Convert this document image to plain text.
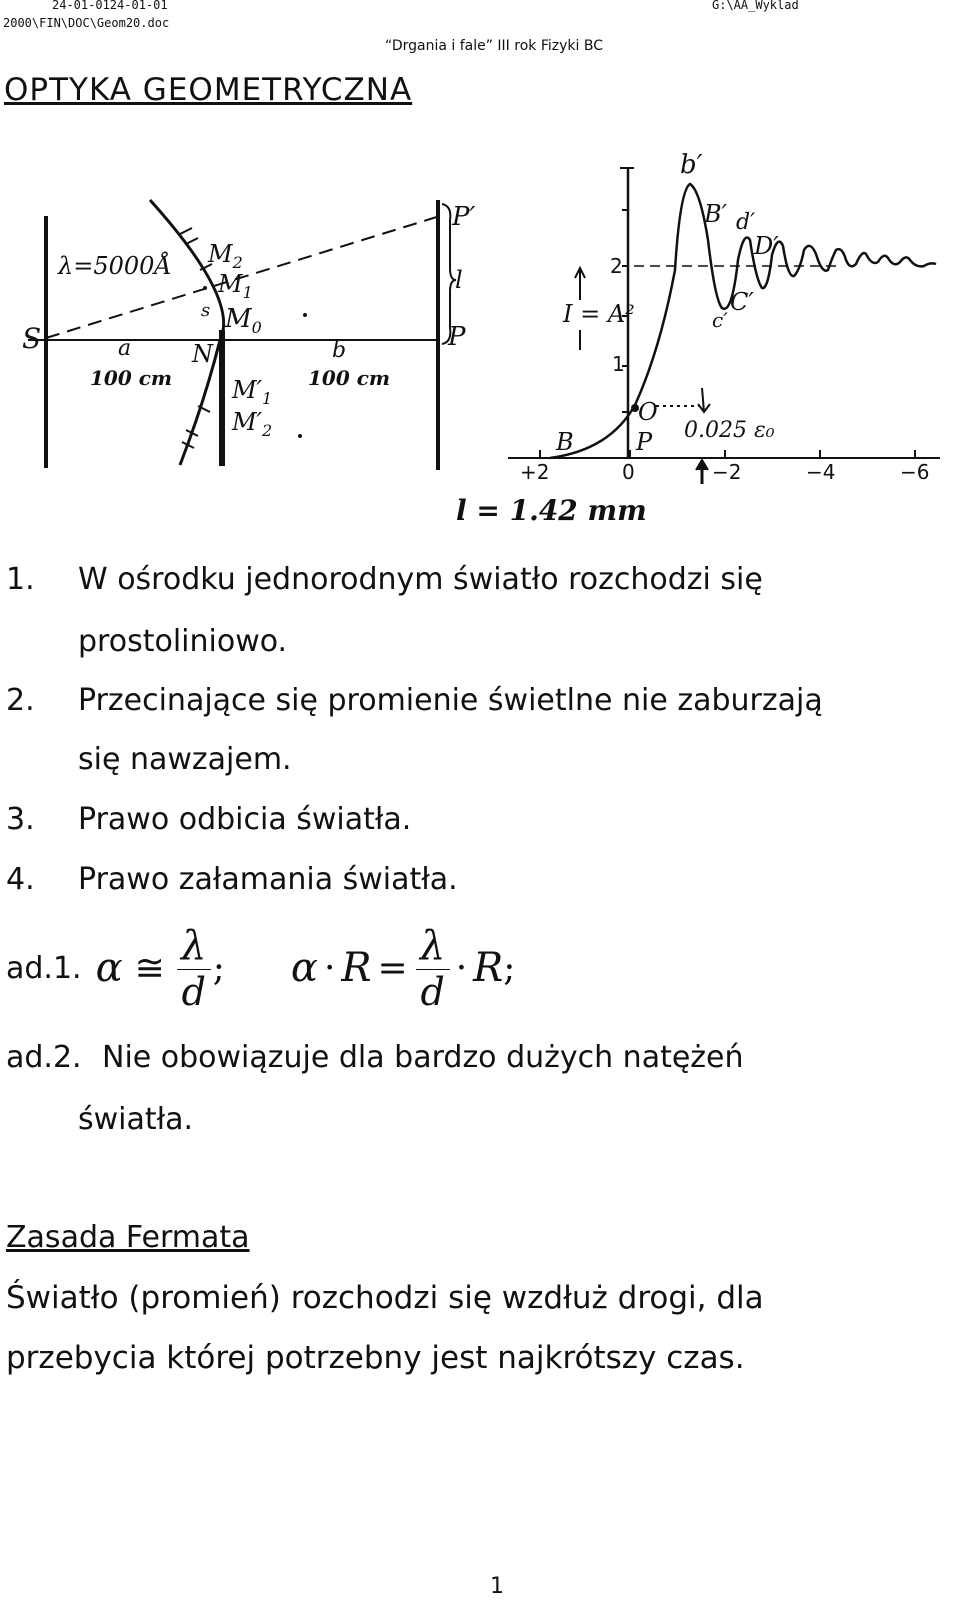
24-01-0124-01-01
2000\FIN\DOC\Geom20.doc
G:\AA_Wyklad
“Drgania i fale” III rok Fizyki BC
OPTYKA GEOMETRYCZNA
λ=5000Å
S	a
100 cm
N
s
$M_2$
$M_1$
$M_0$
$M'_1$
$M'_2$
b
100 cm
P′
l
P
b′
B′ d′
D′
C′
c′
I = A²
2
1
O
P
B	0.025 ɛ₀
+2	0	−2	−4	−6
l = 1.42 mm
1. W ośrodku jednorodnym światło rozchodzi się
prostoliniowo.
2. Przecinające się promienie świetlne nie zaburzają
się nawzajem.
3. Prawo odbicia światła.
4. Prawo załamania światła.
ad.1. α ≅ $\frac{\lambda}{d}$ ; $\alpha \cdot R = \frac{\lambda}{d} \cdot R$ ;
ad.2. Nie obowiązuje dla bardzo dużych natężeń
światła.
Zasada Fermata
Światło (promień) rozchodzi się wzdłuż drogi, dla
przebycia której potrzebny jest najkrótszy czas.
1
